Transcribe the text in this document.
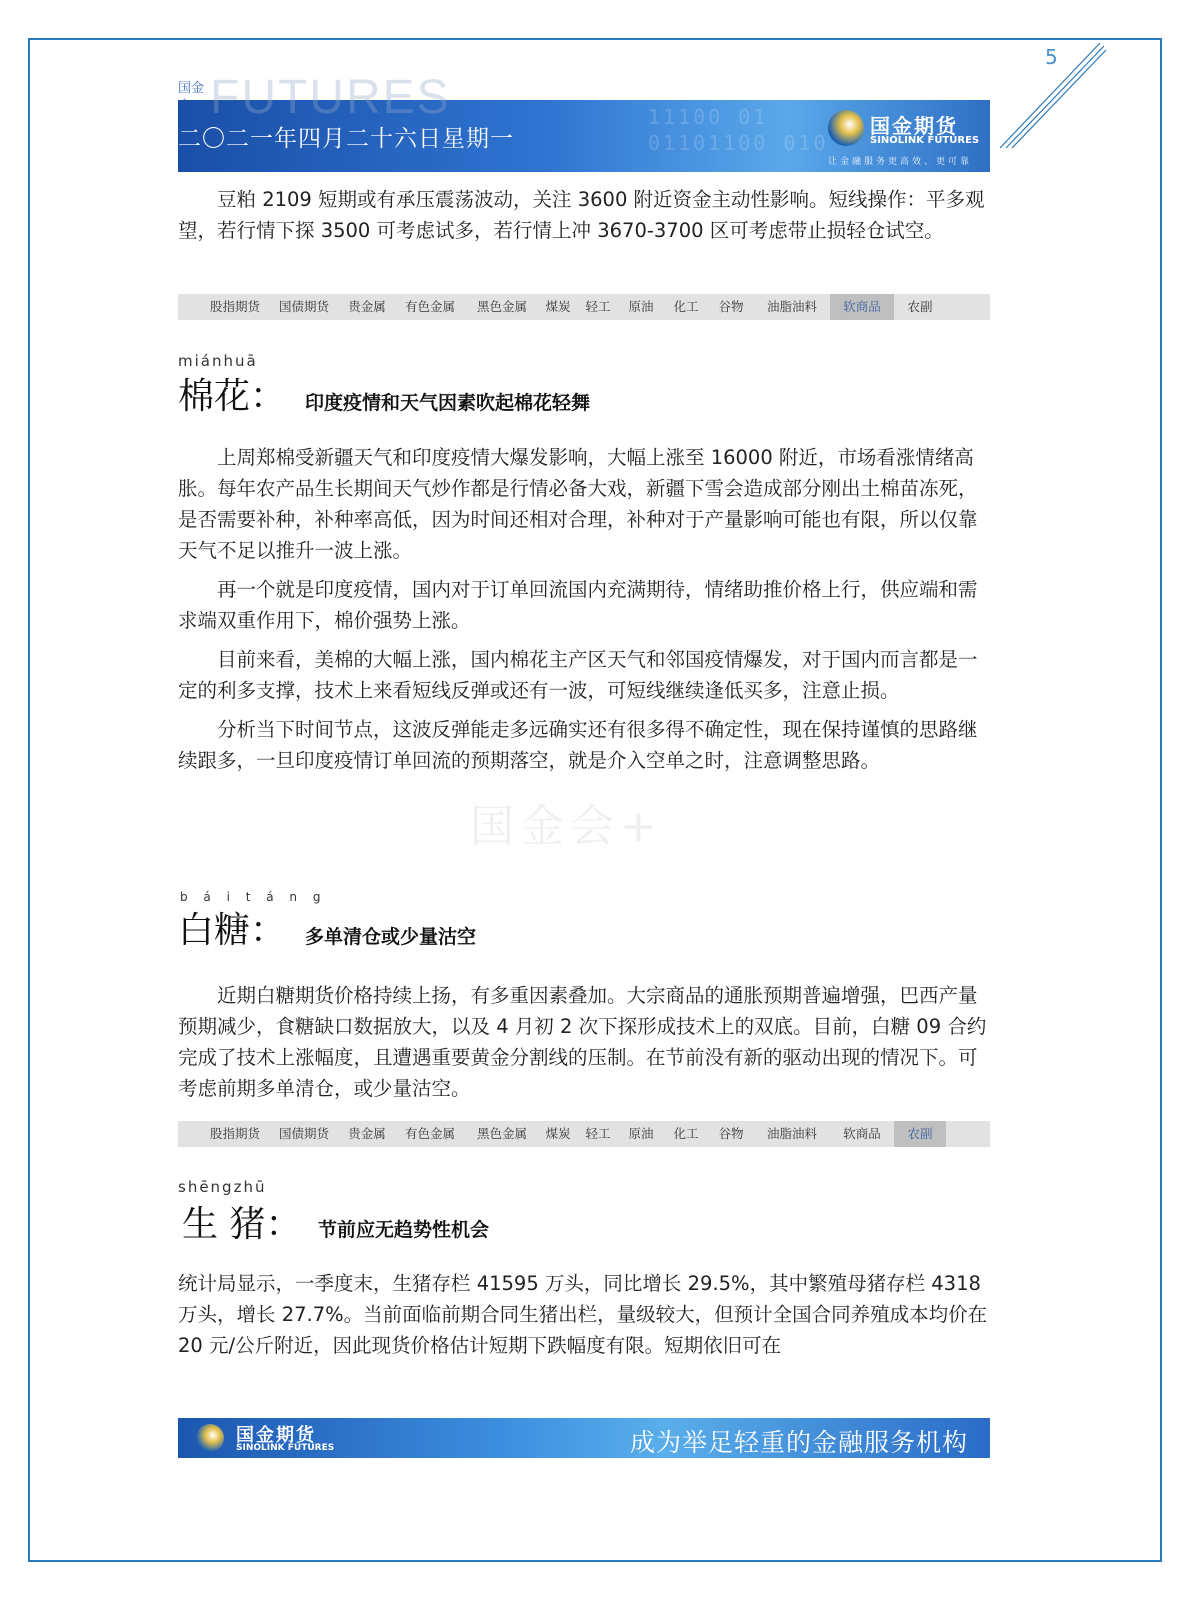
5
国金
11100 01
01101100 010
二〇二一年四月二十六日星期一	国金期货
SINOLINK FUTURES
让金融服务更高效、更可靠
FUTURES

豆粕 2109 短期或有承压震荡波动，关注 3600 附近资金主动性影响。短线操作：平多观望，若行情下探 3500 可考虑试多，若行情上冲 3670-3700 区可考虑带止损轻仓试空。

股指期货	国债期货	贵金属	有色金属	黑色金属	煤炭	轻工	原油	化工	谷物	油脂油料	软商品	农副
miánhuā
棉花： 印度疫情和天气因素吹起棉花轻舞

上周郑棉受新疆天气和印度疫情大爆发影响，大幅上涨至 16000 附近，市场看涨情绪高胀。每年农产品生长期间天气炒作都是行情必备大戏，新疆下雪会造成部分刚出土棉苗冻死，是否需要补种，补种率高低，因为时间还相对合理，补种对于产量影响可能也有限，所以仅靠天气不足以推升一波上涨。

再一个就是印度疫情，国内对于订单回流国内充满期待，情绪助推价格上行，供应端和需求端双重作用下，棉价强势上涨。

目前来看，美棉的大幅上涨，国内棉花主产区天气和邻国疫情爆发，对于国内而言都是一定的利多支撑，技术上来看短线反弹或还有一波，可短线继续逢低买多，注意止损。

分析当下时间节点，这波反弹能走多远确实还有很多得不确定性，现在保持谨慎的思路继续跟多，一旦印度疫情订单回流的预期落空，就是介入空单之时，注意调整思路。

国金会+
b á i t á n g
白糖： 多单清仓或少量沽空

近期白糖期货价格持续上扬，有多重因素叠加。大宗商品的通胀预期普遍增强，巴西产量预期减少，食糖缺口数据放大，以及 4 月初 2 次下探形成技术上的双底。目前，白糖 09 合约完成了技术上涨幅度，且遭遇重要黄金分割线的压制。在节前没有新的驱动出现的情况下。可考虑前期多单清仓，或少量沽空。

股指期货	国债期货	贵金属	有色金属	黑色金属	煤炭	轻工	原油	化工	谷物	油脂油料	软商品	农副
shēngzhū
生 猪： 节前应无趋势性机会

统计局显示，一季度末，生猪存栏 41595 万头，同比增长 29.5%，其中繁殖母猪存栏 4318 万头，增长 27.7%。当前面临前期合同生猪出栏，量级较大，但预计全国合同养殖成本均价在 20 元/公斤附近，因此现货价格估计短期下跌幅度有限。短期依旧可在

国金期货
SINOLINK FUTURES	成为举足轻重的金融服务机构
